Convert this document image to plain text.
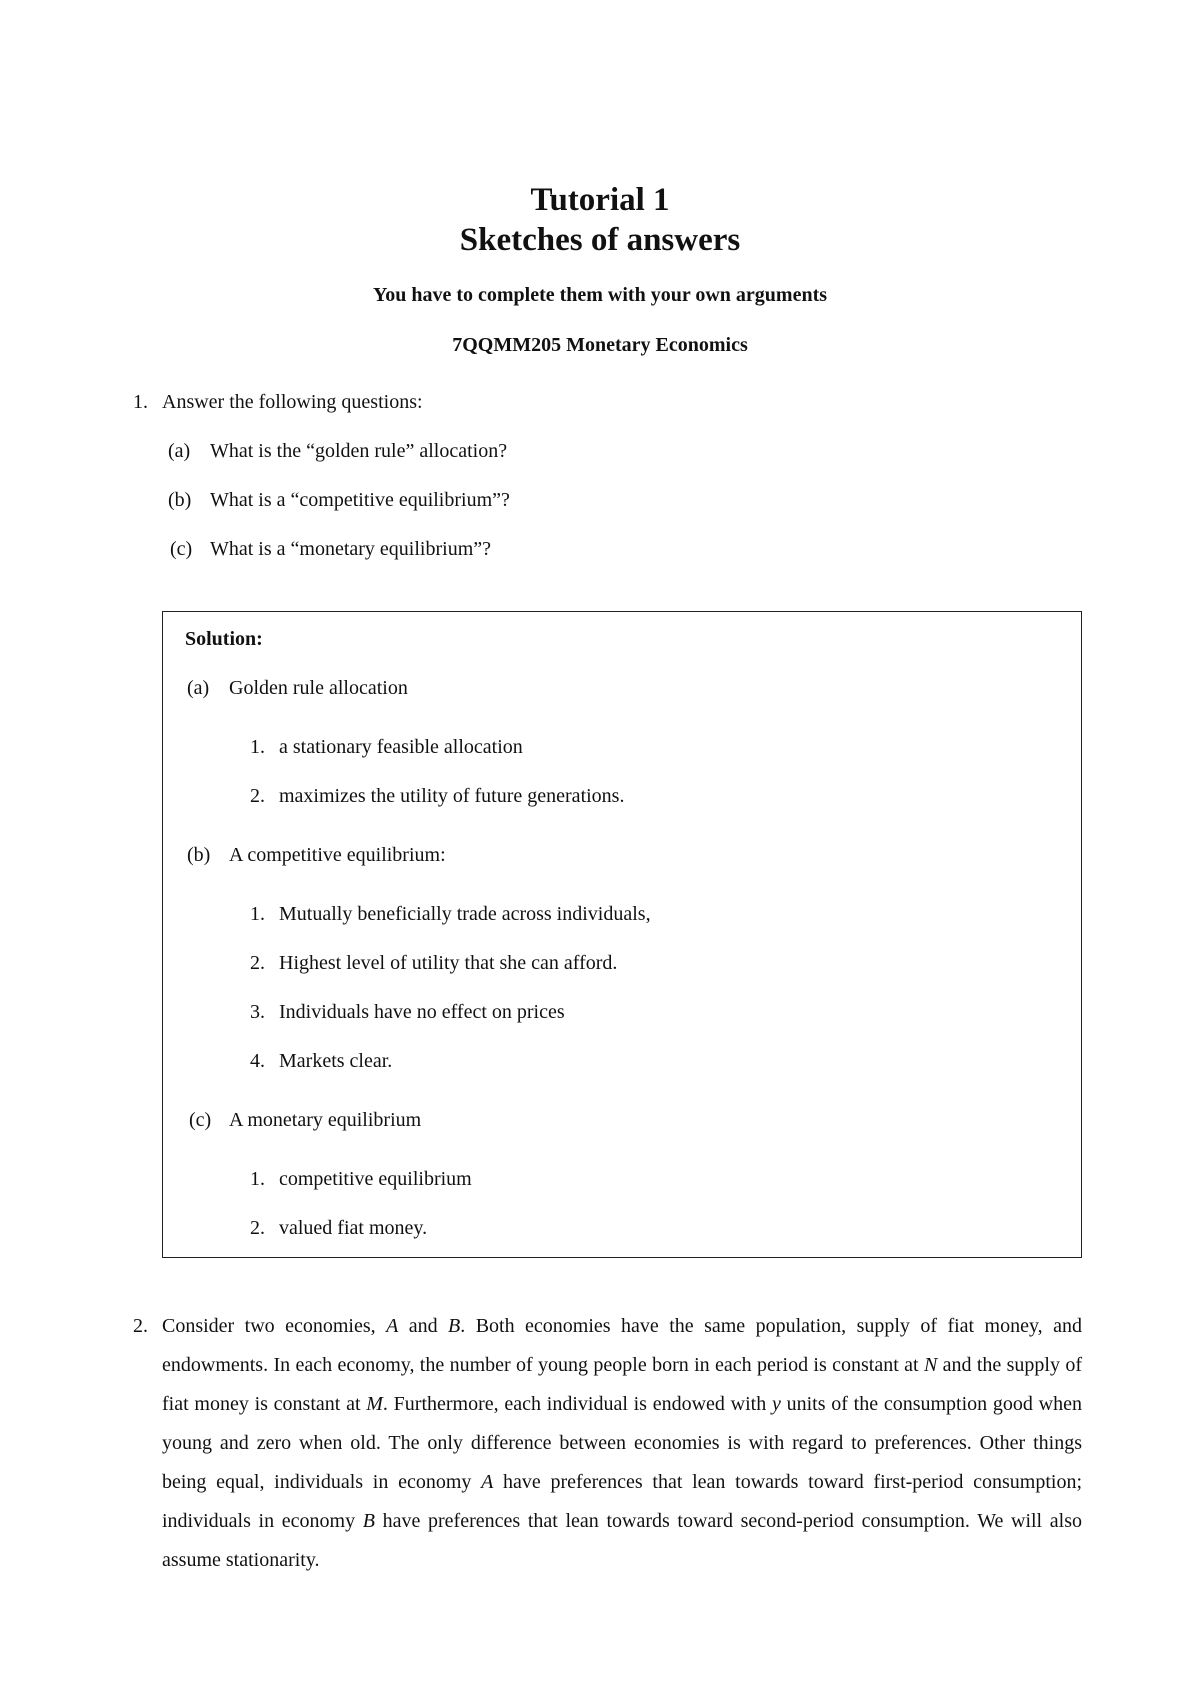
Tutorial 1
Sketches of answers
You have to complete them with your own arguments
7QQMM205 Monetary Economics
1. Answer the following questions:
(a) What is the “golden rule” allocation?
(b) What is a “competitive equilibrium”?
(c) What is a “monetary equilibrium”?
Solution:
(a) Golden rule allocation
1. a stationary feasible allocation
2. maximizes the utility of future generations.
(b) A competitive equilibrium:
1. Mutually beneficially trade across individuals,
2. Highest level of utility that she can afford.
3. Individuals have no effect on prices
4. Markets clear.
(c) A monetary equilibrium
1. competitive equilibrium
2. valued fiat money.
2. Consider two economies, A and B. Both economies have the same population, supply of fiat money, and endowments. In each economy, the number of young people born in each period is constant at N and the supply of fiat money is constant at M. Furthermore, each individual is endowed with y units of the consumption good when young and zero when old. The only difference between economies is with regard to preferences. Other things being equal, individuals in economy A have preferences that lean towards toward first-period consumption; individuals in economy B have preferences that lean towards toward second-period consumption. We will also assume stationarity.
